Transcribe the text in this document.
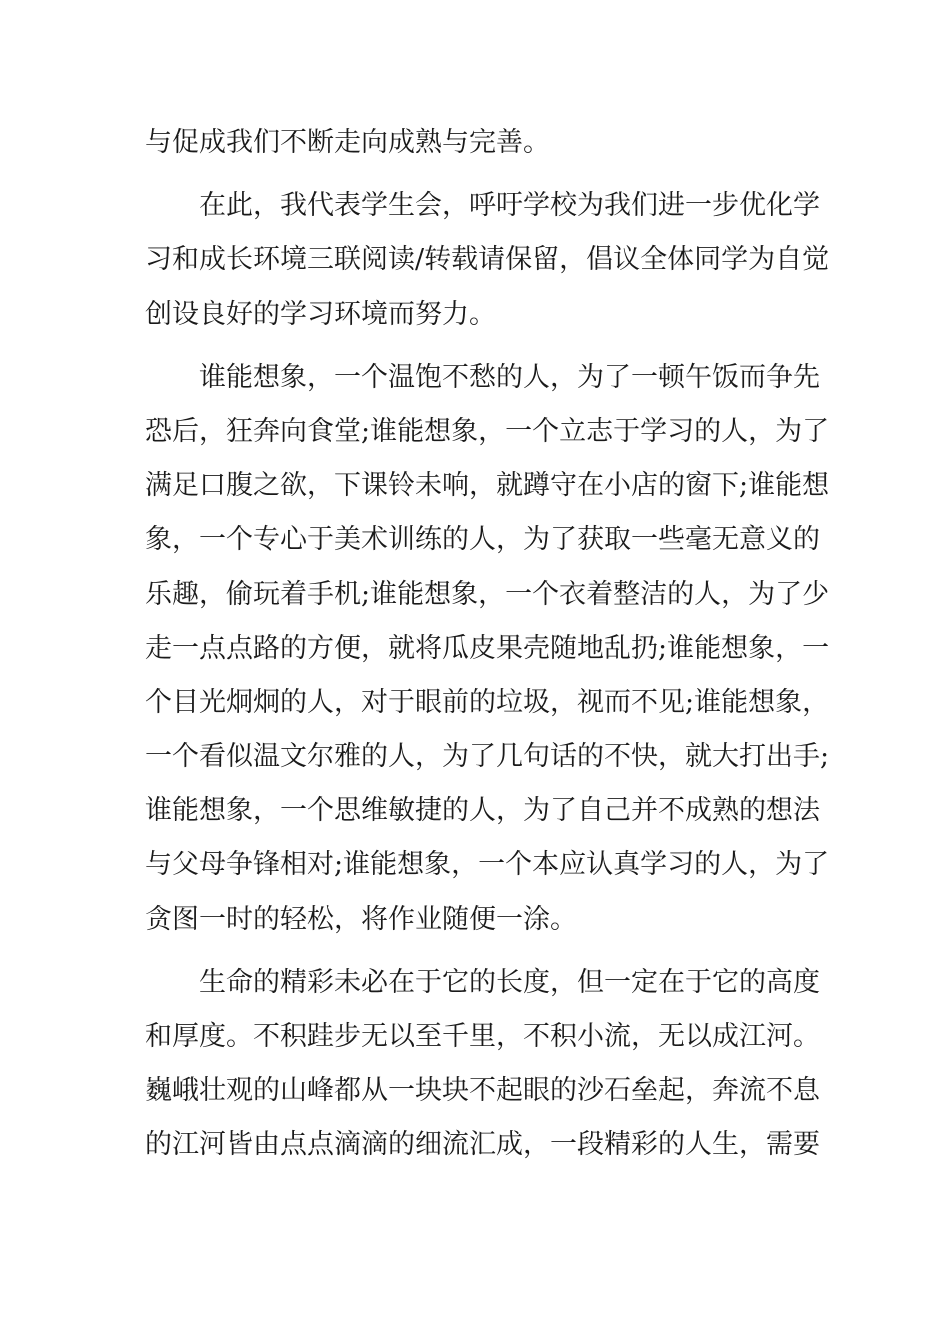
与促成我们不断走向成熟与完善。
在此，我代表学生会，呼吁学校为我们进一步优化学
习和成长环境三联阅读/转载请保留，倡议全体同学为自觉
创设良好的学习环境而努力。
谁能想象，一个温饱不愁的人，为了一顿午饭而争先
恐后，狂奔向食堂;谁能想象，一个立志于学习的人，为了
满足口腹之欲，下课铃未响，就蹲守在小店的窗下;谁能想
象，一个专心于美术训练的人，为了获取一些毫无意义的
乐趣，偷玩着手机;谁能想象，一个衣着整洁的人，为了少
走一点点路的方便，就将瓜皮果壳随地乱扔;谁能想象，一
个目光炯炯的人，对于眼前的垃圾，视而不见;谁能想象，
一个看似温文尔雅的人，为了几句话的不快，就大打出手;
谁能想象，一个思维敏捷的人，为了自己并不成熟的想法
与父母争锋相对;谁能想象，一个本应认真学习的人，为了
贪图一时的轻松，将作业随便一涂。
生命的精彩未必在于它的长度，但一定在于它的高度
和厚度。不积跬步无以至千里，不积小流，无以成江河。
巍峨壮观的山峰都从一块块不起眼的沙石垒起，奔流不息
的江河皆由点点滴滴的细流汇成，一段精彩的人生，需要
